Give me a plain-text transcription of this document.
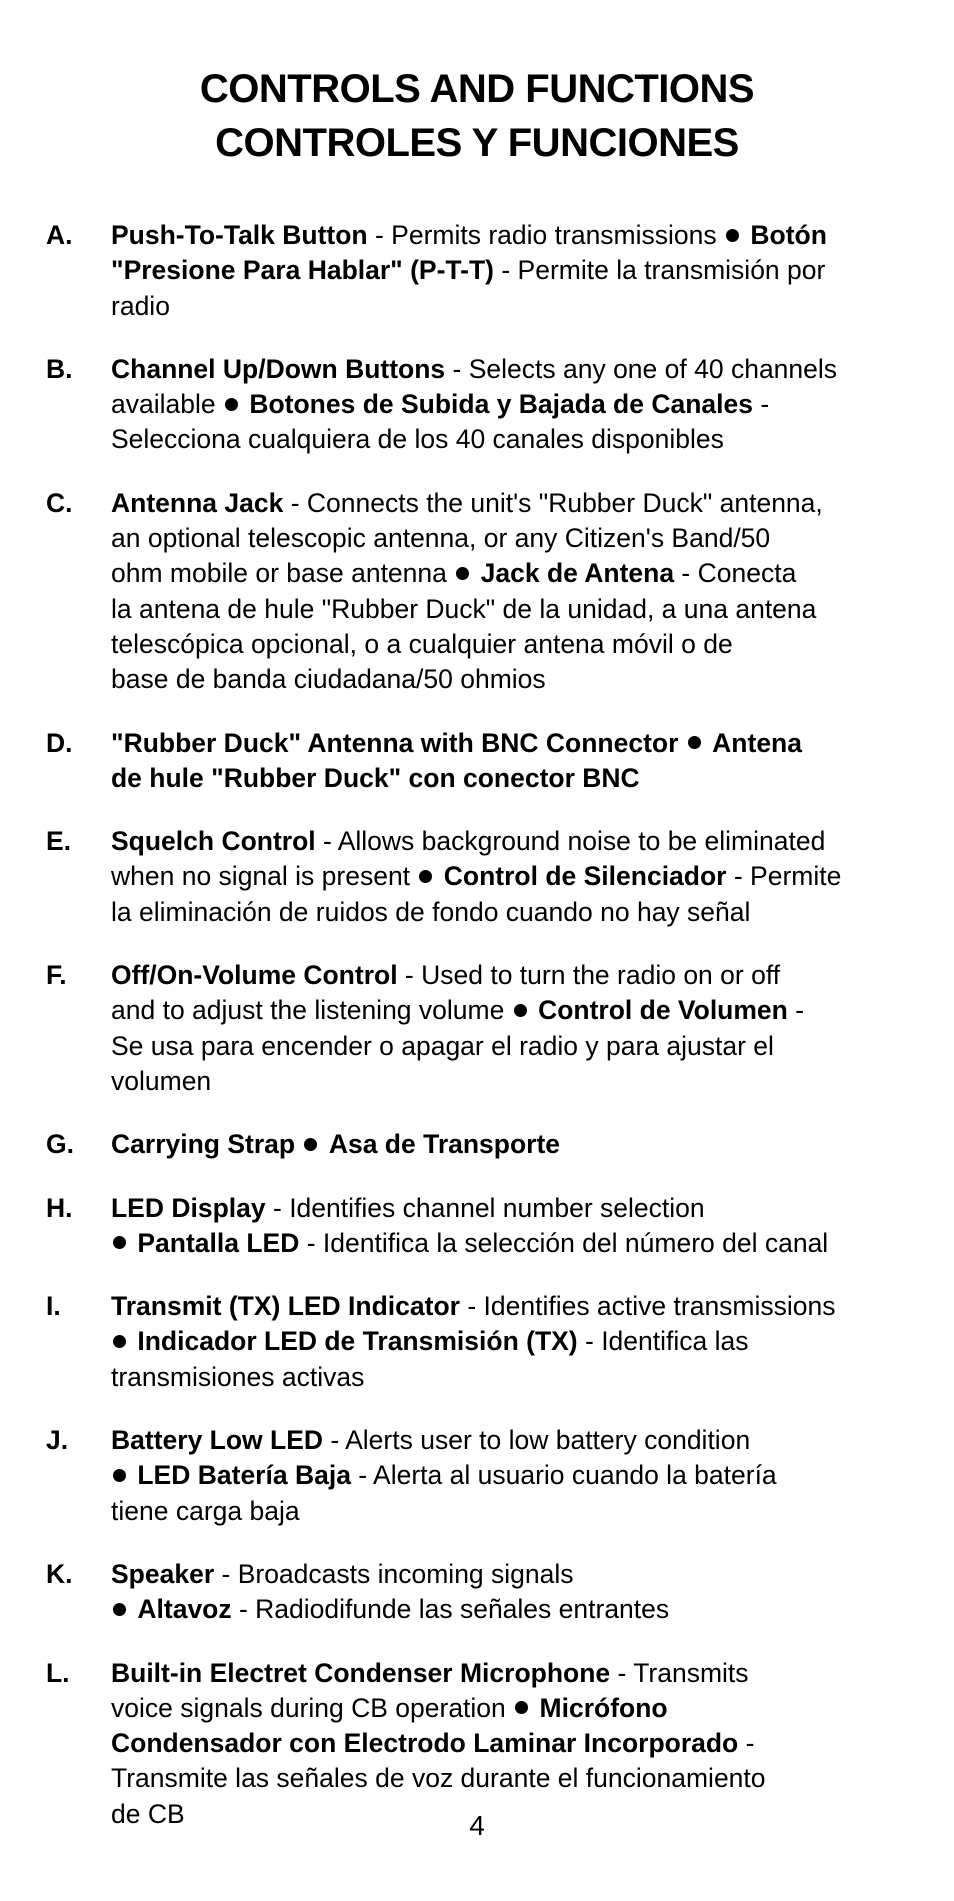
CONTROLS AND FUNCTIONS
CONTROLES Y FUNCIONES
A. Push-To-Talk Button - Permits radio transmissions  Botón
"Presione Para Hablar" (P-T-T) - Permite la transmisión por
radio
B. Channel Up/Down Buttons - Selects any one of 40 channels
available  Botones de Subida y Bajada de Canales -
Selecciona cualquiera de los 40 canales disponibles
C. Antenna Jack - Connects the unit's "Rubber Duck" antenna,
an optional telescopic antenna, or any Citizen's Band/50
ohm mobile or base antenna  Jack de Antena - Conecta
la antena de hule "Rubber Duck" de la unidad, a una antena
telescópica opcional, o a cualquier antena móvil o de
base de banda ciudadana/50 ohmios
D. "Rubber Duck" Antenna with BNC Connector Antena
de hule "Rubber Duck" con conector BNC
E. Squelch Control - Allows background noise to be eliminated
when no signal is present  Control de Silenciador - Permite
la eliminación de ruidos de fondo cuando no hay señal
F. Off/On-Volume Control - Used to turn the radio on or off
and to adjust the listening volume  Control de Volumen -
Se usa para encender o apagar el radio y para ajustar el
volumen
G. Carrying Strap Asa de Transporte
H. LED Display - Identifies channel number selection
Pantalla LED - Identifica la selección del número del canal
I. Transmit (TX) LED Indicator - Identifies active transmissions
Indicador LED de Transmisión (TX) - Identifica las
transmisiones activas
J. Battery Low LED - Alerts user to low battery condition
LED Batería Baja - Alerta al usuario cuando la batería
tiene carga baja
K. Speaker - Broadcasts incoming signals
Altavoz - Radiodifunde las señales entrantes
L. Built-in Electret Condenser Microphone - Transmits
voice signals during CB operation  Micrófono
Condensador con Electrodo Laminar Incorporado -
Transmite las señales de voz durante el funcionamiento
de CB	4
